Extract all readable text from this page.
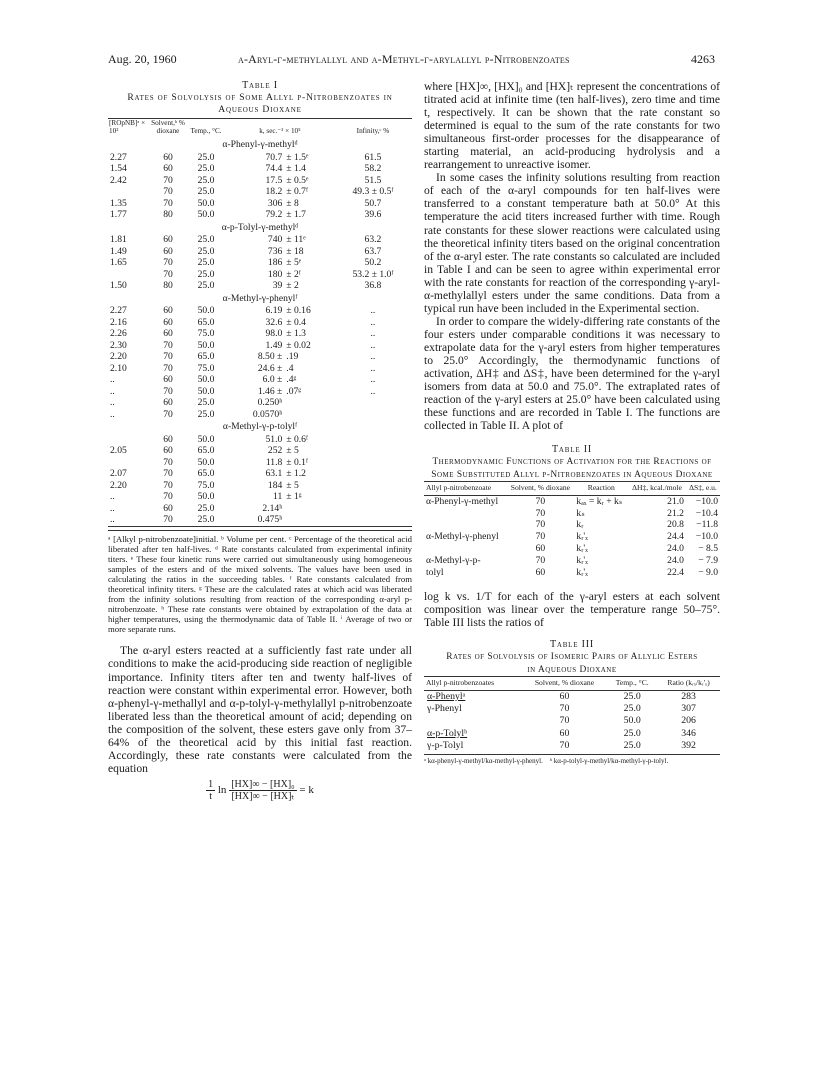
Aug. 20, 1960	α-Aryl-γ-methylallyl and α-Methyl-γ-arylallyl p-Nitrobenzoates	4263
Table I
Rates of Solvolysis of Some Allyl p-Nitrobenzoates in Aqueous Dioxane
[ROpNB]ᵃ × 10²	Solvent,ᵇ % dioxane	Temp., °C.	k, sec.⁻¹ × 10⁵		Infinity,ᶜ %
α-Phenyl-γ-methylᵈ					
2.27	60	25.0	70.7	± 1.5ᵉ	61.5
1.54	60	25.0	74.4	± 1.4	58.2
2.42	70	25.0	17.5	± 0.5ᵉ	51.5
	70	25.0	18.2	± 0.7ᶠ	49.3 ± 0.5ᶠ
1.35	70	50.0	306	± 8	50.7
1.77	80	50.0	79.2	± 1.7	39.6
α-p-Tolyl-γ-methylᵈ					
1.81	60	25.0	740	± 11ᵉ	63.2
1.49	60	25.0	736	± 18	63.7
1.65	70	25.0	186	± 5ᵉ	50.2
	70	25.0	180	± 2ᶠ	53.2 ± 1.0ᶠ
1.50	80	25.0	39	± 2	36.8
α-Methyl-γ-phenylᶠ					
2.27	60	50.0	6.19	± 0.16	..
2.16	60	65.0	32.6	± 0.4	..
2.26	60	75.0	98.0	± 1.3	..
2.30	70	50.0	1.49	± 0.02	..
2.20	70	65.0	8.50 ±	.19	..
2.10	70	75.0	24.6 ±	.4	..
..	60	50.0	6.0 ±	.4ᵍ	..
..	70	50.0	1.46 ±	.07ᵍ	..
..	60	25.0	0.250ʰ		
..	70	25.0	0.0570ʰ		
α-Methyl-γ-p-tolylᶠ					
	60	50.0	51.0	± 0.6ᶠ	
2.05	60	65.0	252	± 5	
	70	50.0	11.8	± 0.1ᶠ	
2.07	70	65.0	63.1	± 1.2	
2.20	70	75.0	184	± 5	
..	70	50.0	11	± 1ᵍ	
..	60	25.0	2.14ʰ		
..	70	25.0	0.475ʰ		
ᵃ [Alkyl p-nitrobenzoate]initial. ᵇ Volume per cent. ᶜ Percentage of the theoretical acid liberated after ten half-lives. ᵈ Rate constants calculated from experimental infinity titers. ᵉ These four kinetic runs were carried out simultaneously using homogeneous samples of the esters and of the mixed solvents. The values have been used in calculating the ratios in the succeeding tables. ᶠ Rate constants calculated from theoretical infinity titers. ᵍ These are the calculated rates at which acid was liberated from the infinity solutions resulting from reaction of the corresponding α-aryl p-nitrobenzoate. ʰ These rate constants were obtained by extrapolation of the data at higher temperatures, using the thermodynamic data of Table II. ⁱ Average of two or more separate runs.
The α-aryl esters reacted at a sufficiently fast rate under all conditions to make the acid-producing side reaction of negligible importance. Infinity titers after ten and twenty half-lives of reaction were constant within experimental error. However, both α-phenyl-γ-methallyl and α-p-tolyl-γ-methylallyl p-nitrobenzoate liberated less than the theoretical amount of acid; depending on the composition of the solvent, these esters gave only from 37–64% of the theoretical acid by this initial fast reaction. Accordingly, these rate constants were calculated from the equation
$\frac{1}{t}$ $\ln \frac{\text{[HX]∞ − [HX]₀}}{\text{[HX]∞ − [HX]ₜ}} = k$
where [HX]∞, [HX]₀ and [HX]ₜ represent the concentrations of titrated acid at infinite time (ten half-lives), zero time and time t, respectively. It can be shown that the rate constant so determined is equal to the sum of the rate constants for two simultaneous first-order processes for the disappearance of starting material, an acid-producing hydrolysis and a rearrangement to unreactive isomer.
In some cases the infinity solutions resulting from reaction of each of the α-aryl compounds for ten half-lives were transferred to a constant temperature bath at 50.0° At this temperature the acid titers increased further with time. Rough rate constants for these slower reactions were calculated using the theoretical infinity titers based on the original concentration of the α-aryl ester. The rate constants so calculated are included in Table I and can be seen to agree within experimental error with the rate constants for reaction of the corresponding γ-aryl-α-methylallyl esters under the same conditions. Data from a typical run have been included in the Experimental section.
In order to compare the widely-differing rate constants of the four esters under comparable conditions it was necessary to extrapolate data for the γ-aryl esters from higher temperatures to 25.0° Accordingly, the thermodynamic functions of activation, ΔH‡ and ΔS‡, have been determined for the γ-aryl isomers from data at 50.0 and 75.0°. The extraplated rates of reaction of the γ-aryl esters at 25.0° have been calculated using these functions and are recorded in Table I. The functions are collected in Table II. A plot of
Table II
Thermodynamic Functions of Activation for the Reactions of Some Substituted Allyl p-Nitrobenzoates in Aqueous Dioxane
Allyl p-nitrobenzoate	Solvent, % dioxane	Reaction	ΔH‡, kcal./mole	ΔS‡, e.u.
α-Phenyl-γ-methyl	70	kₐₓ = kᵣ + kₛ	21.0	−10.0
	70	kₛ	21.2	−10.4
	70	kᵣ	20.8	−11.8
α-Methyl-γ-phenyl	70	kᵣ'ₓ	24.4	−10.0
	60	kᵣ'ₓ	24.0	− 8.5
α-Methyl-γ-p-	70	kᵣ'ₓ	24.0	− 7.9
tolyl	60	kᵣ'ₓ	22.4	− 9.0
log k vs. 1/T for each of the γ-aryl esters at each solvent composition was linear over the temperature range 50–75°. Table III lists the ratios of
Table III
Rates of Solvolysis of Isomeric Pairs of Allylic Esters in Aqueous Dioxane
Allyl p-nitrobenzoates	Solvent, % dioxane	Temp., °C.	Ratio (kᵣₓ/kᵣ'ₓ)
α-Phenylᵃ	60	25.0	283
γ-Phenyl	70	25.0	307
	70	50.0	206
α-p-Tolylᵇ	60	25.0	346
γ-p-Tolyl	70	25.0	392
ᵃ kα-phenyl-γ-methyl/kα-methyl-γ-phenyl. ᵇ kα-p-tolyl-γ-methyl/kα-methyl-γ-p-tolyl.
